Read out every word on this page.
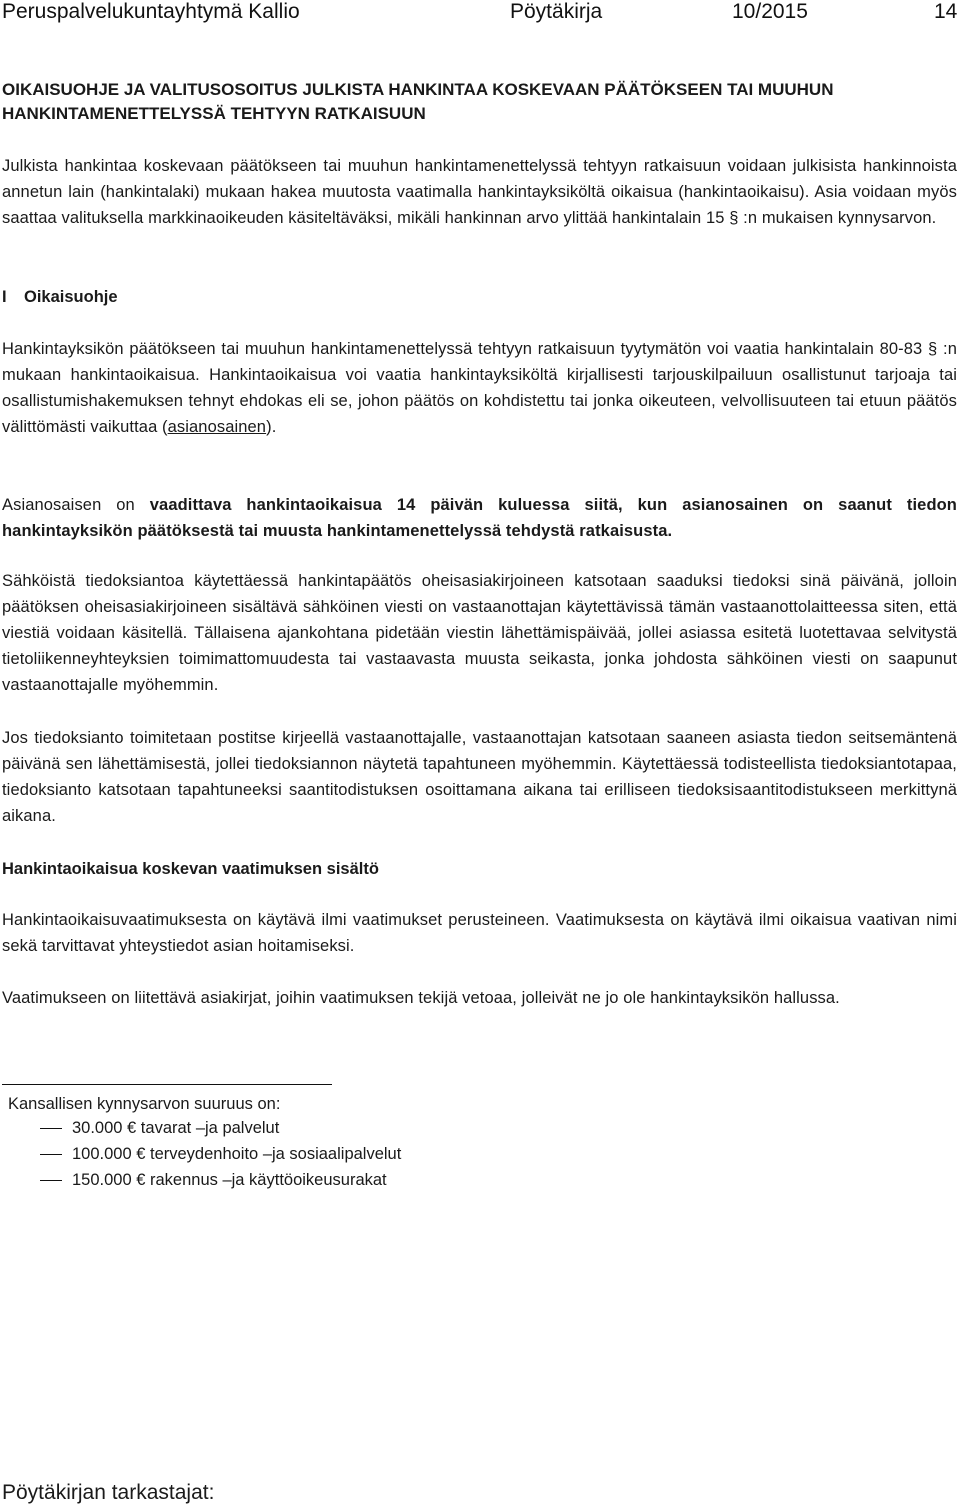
Peruspalvelukuntayhtymä Kallio	Pöytäkirja	10/2015	14
OIKAISUOHJE JA VALITUSOSOITUS JULKISTA HANKINTAA KOSKEVAAN PÄÄTÖKSEEN TAI MUUHUN HANKINTAMENETTELYSSÄ TEHTYYN RATKAISUUN

Julkista hankintaa koskevaan päätökseen tai muuhun hankintamenettelyssä tehtyyn ratkaisuun voidaan julkisista hankinnoista annetun lain (hankintalaki) mukaan hakea muutosta vaatimalla hankintayksiköltä oikaisua (hankintaoikaisu). Asia voidaan myös saattaa valituksella markkinaoikeuden käsiteltäväksi, mikäli hankinnan arvo ylittää hankintalain 15 § :n mukaisen kynnysarvon.

I Oikaisuohje

Hankintayksikön päätökseen tai muuhun hankintamenettelyssä tehtyyn ratkaisuun tyytymätön voi vaatia hankintalain 80-83 § :n mukaan hankintaoikaisua. Hankintaoikaisua voi vaatia hankintayksiköltä kirjallisesti tarjouskilpailuun osallistunut tarjoaja tai osallistumishakemuksen tehnyt ehdokas eli se, johon päätös on kohdistettu tai jonka oikeuteen, velvollisuuteen tai etuun päätös välittömästi vaikuttaa (asianosainen).

Asianosaisen on vaadittava hankintaoikaisua 14 päivän kuluessa siitä, kun asianosainen on saanut tiedon hankintayksikön päätöksestä tai muusta hankintamenettelyssä tehdystä ratkaisusta.

Sähköistä tiedoksiantoa käytettäessä hankintapäätös oheisasiakirjoineen katsotaan saaduksi tiedoksi sinä päivänä, jolloin päätöksen oheisasiakirjoineen sisältävä sähköinen viesti on vastaanottajan käytettävissä tämän vastaanottolaitteessa siten, että viestiä voidaan käsitellä. Tällaisena ajankohtana pidetään viestin lähettämispäivää, jollei asiassa esitetä luotettavaa selvitystä tietoliikenneyhteyksien toimimattomuudesta tai vastaavasta muusta seikasta, jonka johdosta sähköinen viesti on saapunut vastaanottajalle myöhemmin.

Jos tiedoksianto toimitetaan postitse kirjeellä vastaanottajalle, vastaanottajan katsotaan saaneen asiasta tiedon seitsemäntenä päivänä sen lähettämisestä, jollei tiedoksiannon näytetä tapahtuneen myöhemmin. Käytettäessä todisteellista tiedoksiantotapaa, tiedoksianto katsotaan tapahtuneeksi saantitodistuksen osoittamana aikana tai erilliseen tiedoksisaantitodistukseen merkittynä aikana.

Hankintaoikaisua koskevan vaatimuksen sisältö

Hankintaoikaisuvaatimuksesta on käytävä ilmi vaatimukset perusteineen. Vaatimuksesta on käytävä ilmi oikaisua vaativan nimi sekä tarvittavat yhteystiedot asian hoitamiseksi.

Vaatimukseen on liitettävä asiakirjat, joihin vaatimuksen tekijä vetoaa, jolleivät ne jo ole hankintayksikön hallussa.

Kansallisen kynnysarvon suuruus on:

30.000 € tavarat –ja palvelut
100.000 € terveydenhoito –ja sosiaalipalvelut
150.000 € rakennus –ja käyttöoikeusurakat

Pöytäkirjan tarkastajat:
